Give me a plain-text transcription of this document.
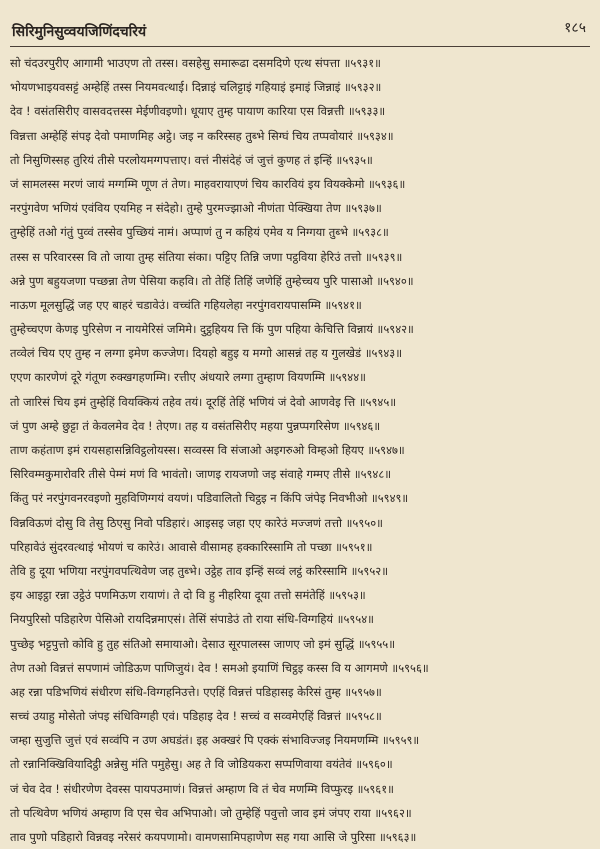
सिरिमुनिसुव्वयजिणिंदचरियं	१८५
सो चंदउरपुरीए आगामी भाउएण तो तस्स। वसहेसु समारूढा दसमदिणे एत्थ संपत्ता ॥५९३१॥
भोयणभाइयवसट्टं अम्हेहिं तस्स नियमवत्थाई। दिन्नाइं चलिट्टाइं गहियाइं इमाइं जिन्नाइं ॥५९३२॥
देव ! वसंतसिरीए वासवदत्तस्स मेईणीवइणो। धूयाए तुम्ह पायाण कारिया एस विन्नत्ती ॥५९३३॥
विन्नत्ता अम्हेहिं संपइ देवो पमाणमिह अट्ठे। जइ न करिस्सह तुब्भे सिग्घं चिय तप्पवोयारं ॥५९३४॥
तो निसुणिस्सह तुरियं तीसे परलोयमग्गपत्ताए। वत्तं नीसंदेहं जं जुत्तं कुणह तं इन्हिं ॥५९३५॥
जं सामलस्स मरणं जायं मग्गम्मि णूण तं तेण। माहवरायाएणं चिय कारवियं इय वियक्केमो ॥५९३६॥
नरपुंगवेण भणियं एवंविय एयमिह न संदेहो। तुम्हे पुरमज्झाओ नीणंता पेक्खिया तेण ॥५९३७॥
तुम्हेहिं तओ गंतुं पुव्वं तस्सेव पुच्छियं नामं। अप्पाणं तु न कहियं एमेव य निग्गया तुब्भे ॥५९३८॥
तस्स स परिवारस्स वि तो जाया तुम्ह संतिया संका। पट्टिए तिन्नि जणा पट्ठविया हेरिउं तत्तो ॥५९३९॥
अन्ने पुण बहुयजणा पच्छन्ना तेण पेसिया कहवि। तो तेहिं तिहिं जणेहिं तुम्हेच्चय पुरि पासाओ ॥५९४०॥
नाऊण मूलसुद्धिं जह एए बाहरं चडावेउं। वच्चंति गहियलेहा नरपुंगवरायपासम्मि ॥५९४१॥
तुम्हेच्चएण केणइ पुरिसेण न नायमेरिसं जमिमे। दुट्ठहियय त्ति किं पुण पहिया केचित्ति विन्नायं ॥५९४२॥
तव्वेलं चिय एए तुम्ह न लग्गा इमेण कज्जेण। दियहो बहुइ य मग्गो आसन्नं तह य गुलखेडं ॥५९४३॥
एएण कारणेणं दूरे गंतूण रुक्खगहणम्मि। रत्तीए अंधयारे लग्गा तुम्हाण वियणम्मि ॥५९४४॥
तो जारिसं चिय इमं तुम्हेहिं वियक्कियं तहेव तयं। दूरहिं तेहिं भणियं जं देवो आणवेइ त्ति ॥५९४५॥
जं पुण अम्हे छुट्टा तं केवलमेव देव ! तेएण। तह य वसंतसिरीए महया पुन्नप्पगरिसेण ॥५९४६॥
ताण कहंताण इमं रायसहासन्निविट्ठलोयस्स। सव्वस्स वि संजाओ अइगरुओ विम्हओ हियए ॥५९४७॥
सिरिवम्मकुमारोवरि तीसे पेम्मं मणं वि भावंतो। जाणइ रायजणो जइ संवाहे गम्मए तीसे ॥५९४८॥
किंतु परं नरपुंगवनरवइणो मुहविणिग्गयं वयणं। पडिवालितो चिट्ठइ न किंपि जंपेइ निवभीओ ॥५९४९॥
विन्नविऊणं दोसु वि तेसु ठिएसु निवो पडिहारं। आइसइ जहा एए कारेउं मज्जणं तत्तो ॥५९५०॥
परिहावेउं सुंदरवत्थाइं भोयणं च कारेउं। आवासे वीसामह हक्कारिस्सामि तो पच्छा ॥५९५१॥
तेवि हु दूया भणिया नरपुंगवपत्थिवेण जह तुब्भे। उट्ठेह ताव इन्हिं सव्वं लट्ठं करिस्सामि ॥५९५२॥
इय आइट्ठा रन्ना उट्ठेउं पणमिऊण रायाणं। ते दो वि हु नीहरिया दूया तत्तो समंतेहिं ॥५९५३॥
नियपुरिसो पडिहारेण पेसिओ रायदिन्नमाएसं। तेसिं संपाडेउं तो राया संधि-विग्गहियं ॥५९५४॥
पुच्छेइ भट्टपुत्तो कोवि हु तुह संतिओ समायाओ। देसाउ सूरपालस्स जाणए जो इमं सुद्धिं ॥५९५५॥
तेण तओ विन्नत्तं सपणामं जोडिऊण पाणिजुयं। देव ! समओ इयाणिं चिट्ठइ कस्स वि य आगमणे ॥५९५६॥
अह रन्ना पडिभणियं संधीरण संधि-विग्गहनिउत्ते। एएहिं विन्नत्तं पडिहासइ केरिसं तुम्ह ॥५९५७॥
सच्चं उयाहु मोसेतो जंपइ संधिविग्गही एवं। पडिहाइ देव ! सच्चं व सव्वमेएहिं विन्नत्तं ॥५९५८॥
जम्हा सुजुत्ति जुत्तं एवं सव्वंपि न उण अघडंतं। इह अक्खरं पि एक्कं संभाविज्जइ नियमणम्मि ॥५९५९॥
तो रन्नानिक्खिवियादिट्ठी अन्नेसु मंति पमुहेसु। अह ते वि जोडियकरा सप्पणिवाया वयंतेवं ॥५९६०॥
जं चेव देव ! संधीरणेण देवस्स पायपउमाणं। विन्नत्तं अम्हाण वि तं चेव मणम्मि विप्फुरइ ॥५९६१॥
तो पत्थिवेण भणियं अम्हाण वि एस चेव अभिपाओ। जो तुम्हेहिं पवुत्तो जाव इमं जंपए राया ॥५९६२॥
ताव पुणो पडिहारो विन्नवइ नरेसरं कयपणामो। वामणसामिपहाणेण सह गया आसि जे पुरिसा ॥५९६३॥
